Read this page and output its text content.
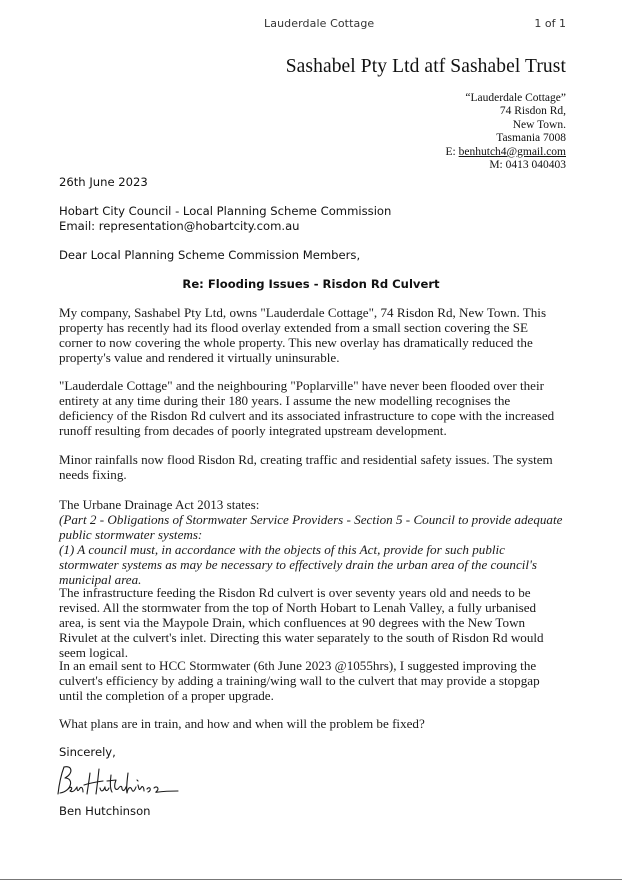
Lauderdale Cottage	1 of 1
Sashabel Pty Ltd atf Sashabel Trust
“Lauderdale Cottage”
74 Risdon Rd,
New Town.
Tasmania 7008
E: benhutch4@gmail.com
M: 0413 040403
26th June 2023
Hobart City Council - Local Planning Scheme Commission
Email: representation@hobartcity.com.au
Dear Local Planning Scheme Commission Members,
Re: Flooding Issues - Risdon Rd Culvert

My company, Sashabel Pty Ltd, owns "Lauderdale Cottage", 74 Risdon Rd, New Town. This property has recently had its flood overlay extended from a small section covering the SE corner to now covering the whole property. This new overlay has dramatically reduced the property's value and rendered it virtually uninsurable.

"Lauderdale Cottage" and the neighbouring "Poplarville" have never been flooded over their entirety at any time during their 180 years. I assume the new modelling recognises the deficiency of the Risdon Rd culvert and its associated infrastructure to cope with the increased runoff resulting from decades of poorly integrated upstream development.

Minor rainfalls now flood Risdon Rd, creating traffic and residential safety issues. The system needs fixing.

The Urbane Drainage Act 2013 states:

(Part 2 - Obligations of Stormwater Service Providers - Section 5 - Council to provide adequate public stormwater systems:

(1) A council must, in accordance with the objects of this Act, provide for such public stormwater systems as may be necessary to effectively drain the urban area of the council's municipal area.

The infrastructure feeding the Risdon Rd culvert is over seventy years old and needs to be revised. All the stormwater from the top of North Hobart to Lenah Valley, a fully urbanised area, is sent via the Maypole Drain, which confluences at 90 degrees with the New Town Rivulet at the culvert's inlet. Directing this water separately to the south of Risdon Rd would seem logical.

In an email sent to HCC Stormwater (6th June 2023 @1055hrs), I suggested improving the culvert's efficiency by adding a training/wing wall to the culvert that may provide a stopgap until the completion of a proper upgrade.

What plans are in train, and how and when will the problem be fixed?

Sincerely,
Ben Hutchinson
